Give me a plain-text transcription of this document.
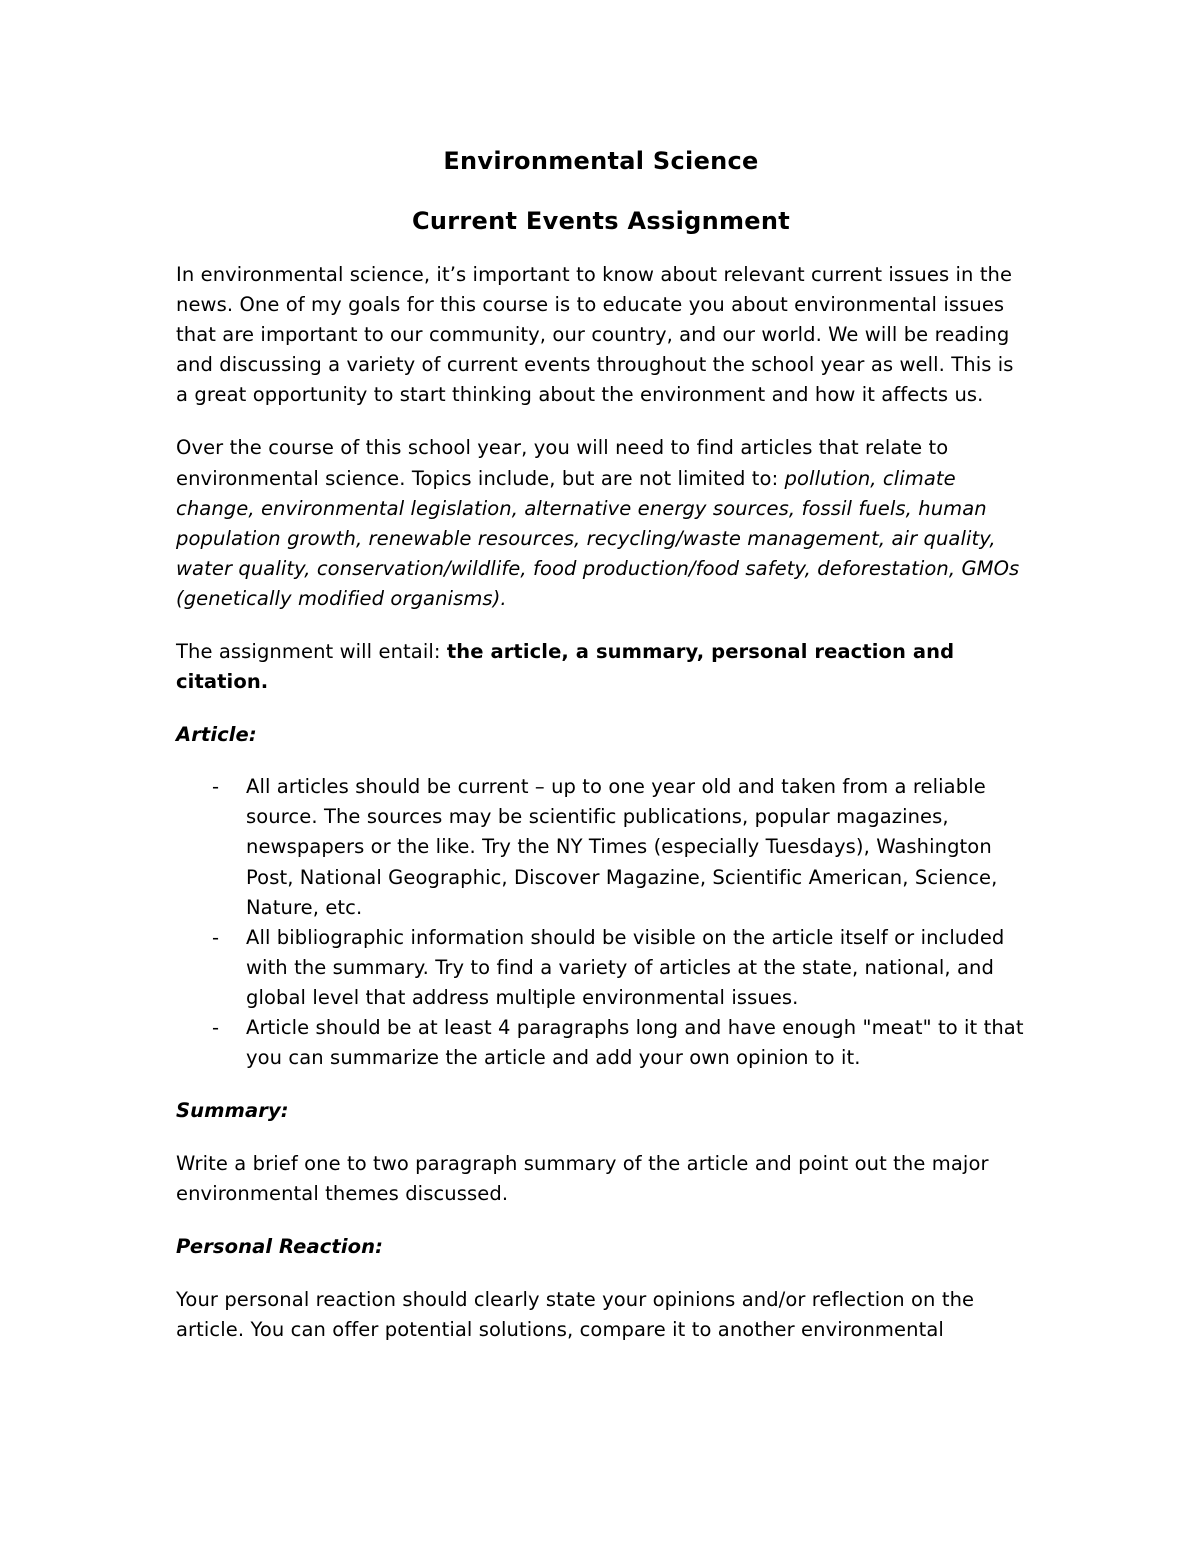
Environmental Science
Current Events Assignment

In environmental science, it’s important to know about relevant current issues in the news. One of my goals for this course is to educate you about environmental issues that are important to our community, our country, and our world. We will be reading and discussing a variety of current events throughout the school year as well. This is a great opportunity to start thinking about the environment and how it affects us.

Over the course of this school year, you will need to find articles that relate to environmental science. Topics include, but are not limited to: pollution, climate change, environmental legislation, alternative energy sources, fossil fuels, human population growth, renewable resources, recycling/waste management, air quality, water quality, conservation/wildlife, food production/food safety, deforestation, GMOs (genetically modified organisms).

The assignment will entail: the article, a summary, personal reaction and citation.

Article:

- All articles should be current – up to one year old and taken from a reliable source. The sources may be scientific publications, popular magazines, newspapers or the like. Try the NY Times (especially Tuesdays), Washington Post, National Geographic, Discover Magazine, Scientific American, Science, Nature, etc.
- All bibliographic information should be visible on the article itself or included with the summary. Try to find a variety of articles at the state, national, and global level that address multiple environmental issues.
- Article should be at least 4 paragraphs long and have enough "meat" to it that you can summarize the article and add your own opinion to it.

Summary:

Write a brief one to two paragraph summary of the article and point out the major environmental themes discussed.

Personal Reaction:

Your personal reaction should clearly state your opinions and/or reflection on the article. You can offer potential solutions, compare it to another environmental
